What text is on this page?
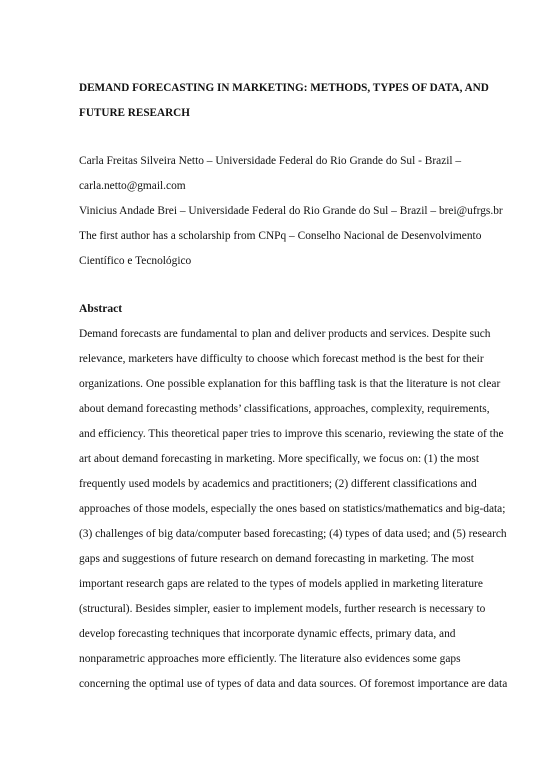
DEMAND FORECASTING IN MARKETING: METHODS, TYPES OF DATA, AND
FUTURE RESEARCH
Carla Freitas Silveira Netto – Universidade Federal do Rio Grande do Sul - Brazil –
carla.netto@gmail.com
Vinicius Andade Brei – Universidade Federal do Rio Grande do Sul – Brazil – brei@ufrgs.br
The first author has a scholarship from CNPq – Conselho Nacional de Desenvolvimento
Científico e Tecnológico
Abstract
Demand forecasts are fundamental to plan and deliver products and services. Despite such
relevance, marketers have difficulty to choose which forecast method is the best for their
organizations. One possible explanation for this baffling task is that the literature is not clear
about demand forecasting methods’ classifications, approaches, complexity, requirements,
and efficiency. This theoretical paper tries to improve this scenario, reviewing the state of the
art about demand forecasting in marketing. More specifically, we focus on: (1) the most
frequently used models by academics and practitioners; (2) different classifications and
approaches of those models, especially the ones based on statistics/mathematics and big-data;
(3) challenges of big data/computer based forecasting; (4) types of data used; and (5) research
gaps and suggestions of future research on demand forecasting in marketing. The most
important research gaps are related to the types of models applied in marketing literature
(structural). Besides simpler, easier to implement models, further research is necessary to
develop forecasting techniques that incorporate dynamic effects, primary data, and
nonparametric approaches more efficiently. The literature also evidences some gaps
concerning the optimal use of types of data and data sources. Of foremost importance are data
